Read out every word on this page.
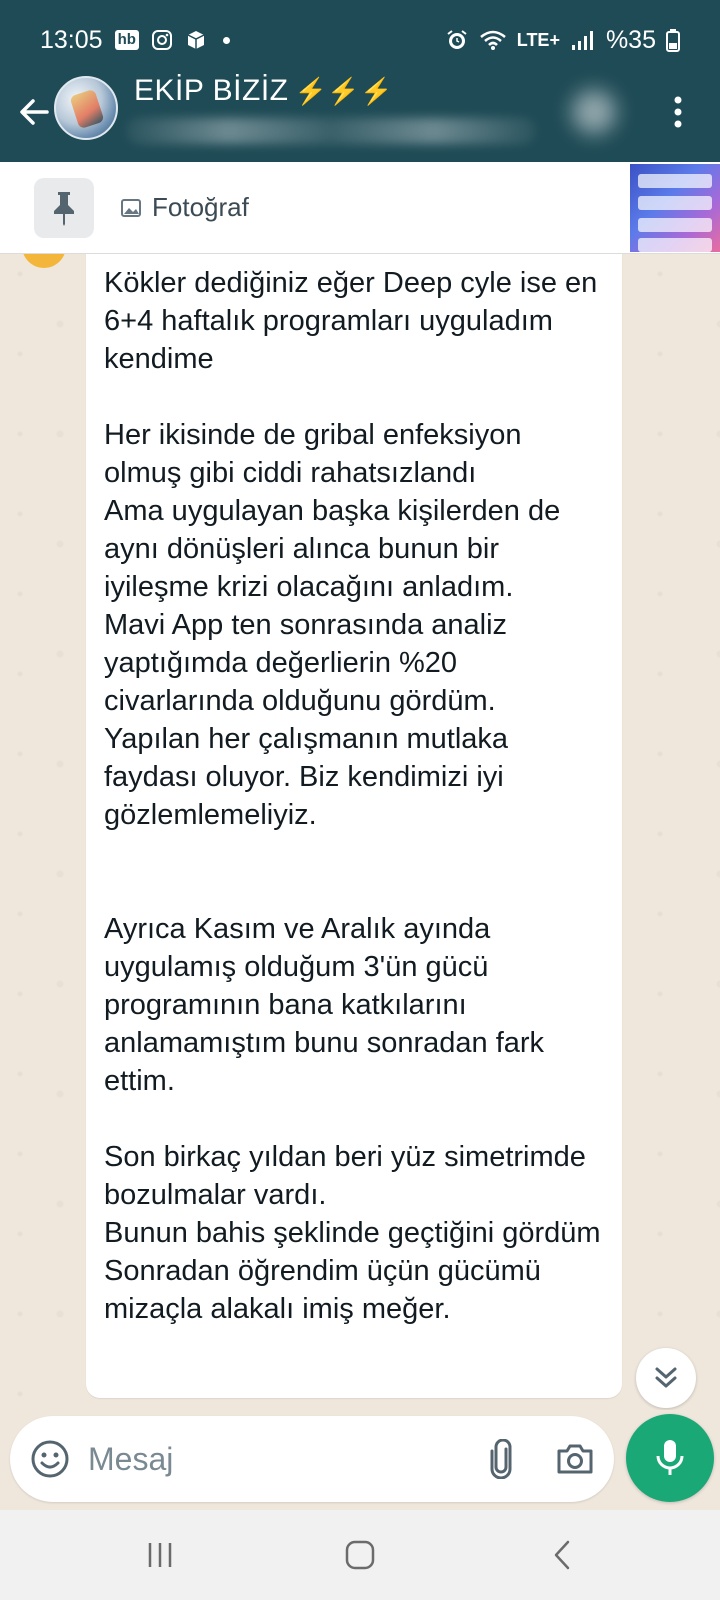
13:05 hb	LTE+ %35
EKİP BİZİZ ⚡⚡⚡
Fotoğraf
Kökler dediğiniz eğer Deep cyle ise en 6+4 haftalık programları uyguladım kendime

Her ikisinde de gribal enfeksiyon olmuş gibi ciddi rahatsızlandı
Ama uygulayan başka kişilerden de aynı dönüşleri alınca bunun bir iyileşme krizi olacağını anladım.
Mavi App ten sonrasında analiz yaptığımda değerlierin %20 civarlarında olduğunu gördüm.
Yapılan her çalışmanın mutlaka faydası oluyor. Biz kendimizi iyi gözlemlemeliyiz.

Ayrıca Kasım ve Aralık ayında uygulamış olduğum 3'ün gücü programının bana katkılarını anlamamıştım bunu sonradan fark ettim.

Son birkaç yıldan beri yüz simetrimde bozulmalar vardı.
Bunun bahis şeklinde geçtiğini gördüm
Sonradan öğrendim üçün gücümü mizaçla alakalı imiş meğer.
Mesaj
